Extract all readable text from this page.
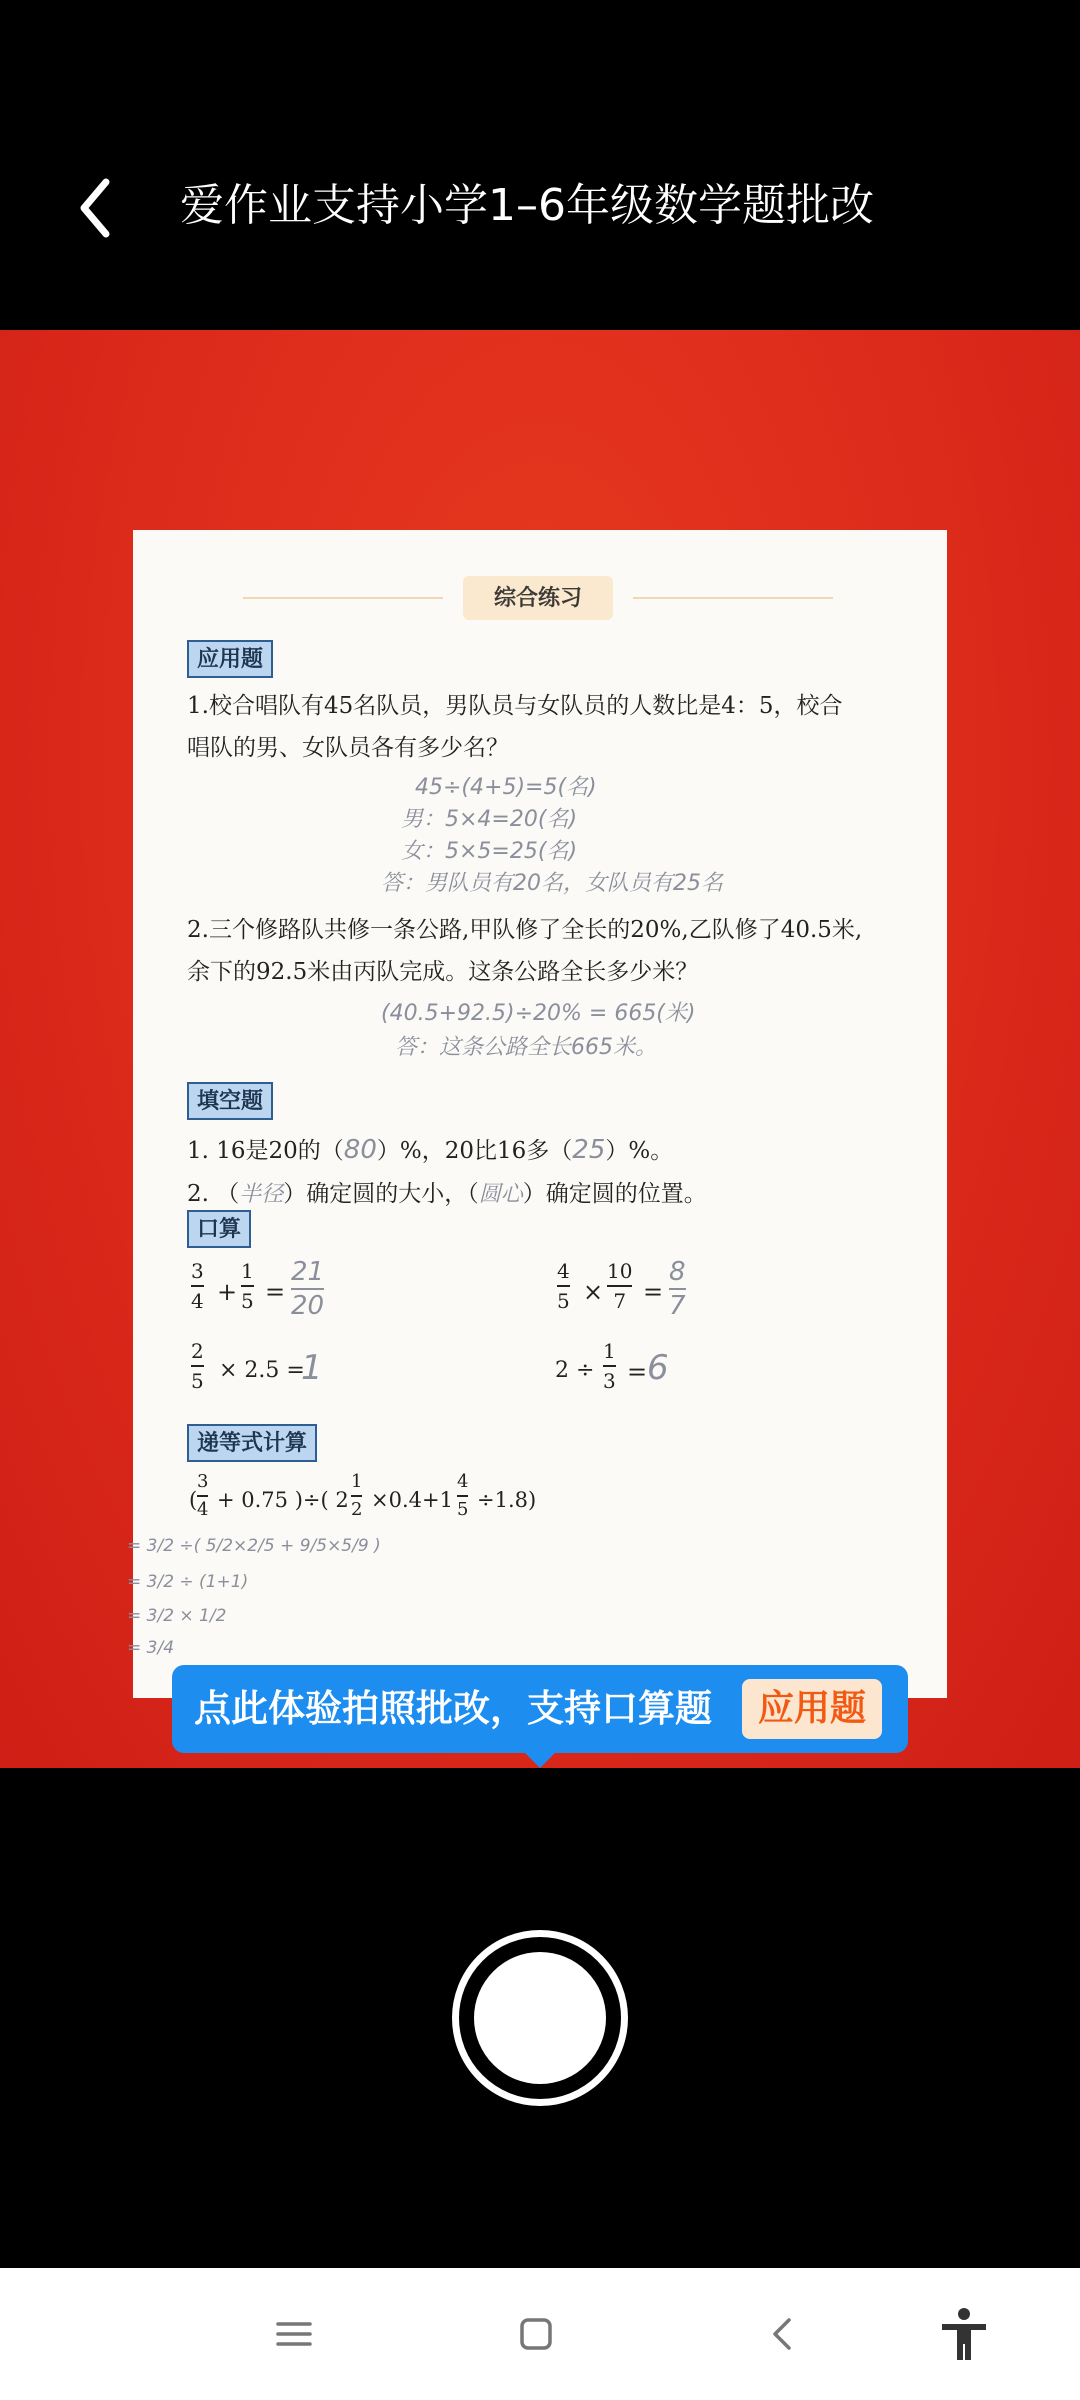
爱作业支持小学1–6年级数学题批改
综合练习
应用题
1.校合唱队有45名队员，男队员与女队员的人数比是4：5，校合
唱队的男、女队员各有多少名？
45÷(4+5)=5(名)
男：5×4=20(名)
女：5×5=25(名)
答：男队员有20名，女队员有25名
2.三个修路队共修一条公路,甲队修了全长的20%,乙队修了40.5米,
余下的92.5米由丙队完成。这条公路全长多少米？
(40.5+92.5)÷20% = 665(米)
答：这条公路全长665米。
填空题
1. 16是20的（80）%，20比16多（25）%。
2. （半径）确定圆的大小，（圆心）确定圆的位置。
口算
3
4 +
1
5 =
21
20
4
5 ×
10
7 =
8
7
2
5 × 2.5 =
1	2 ÷
1
3 = 6
递等式计算
(
3
4 + 0.75 )÷( 2
1
2 ×0.4+1
4
5 ÷1.8)
= 3/2 ÷( 5/2×2/5 + 9/5×5/9 )
= 3/2 ÷ (1+1)
= 3/2 × 1/2
= 3/4
点此体验拍照批改，支持口算题	应用题
